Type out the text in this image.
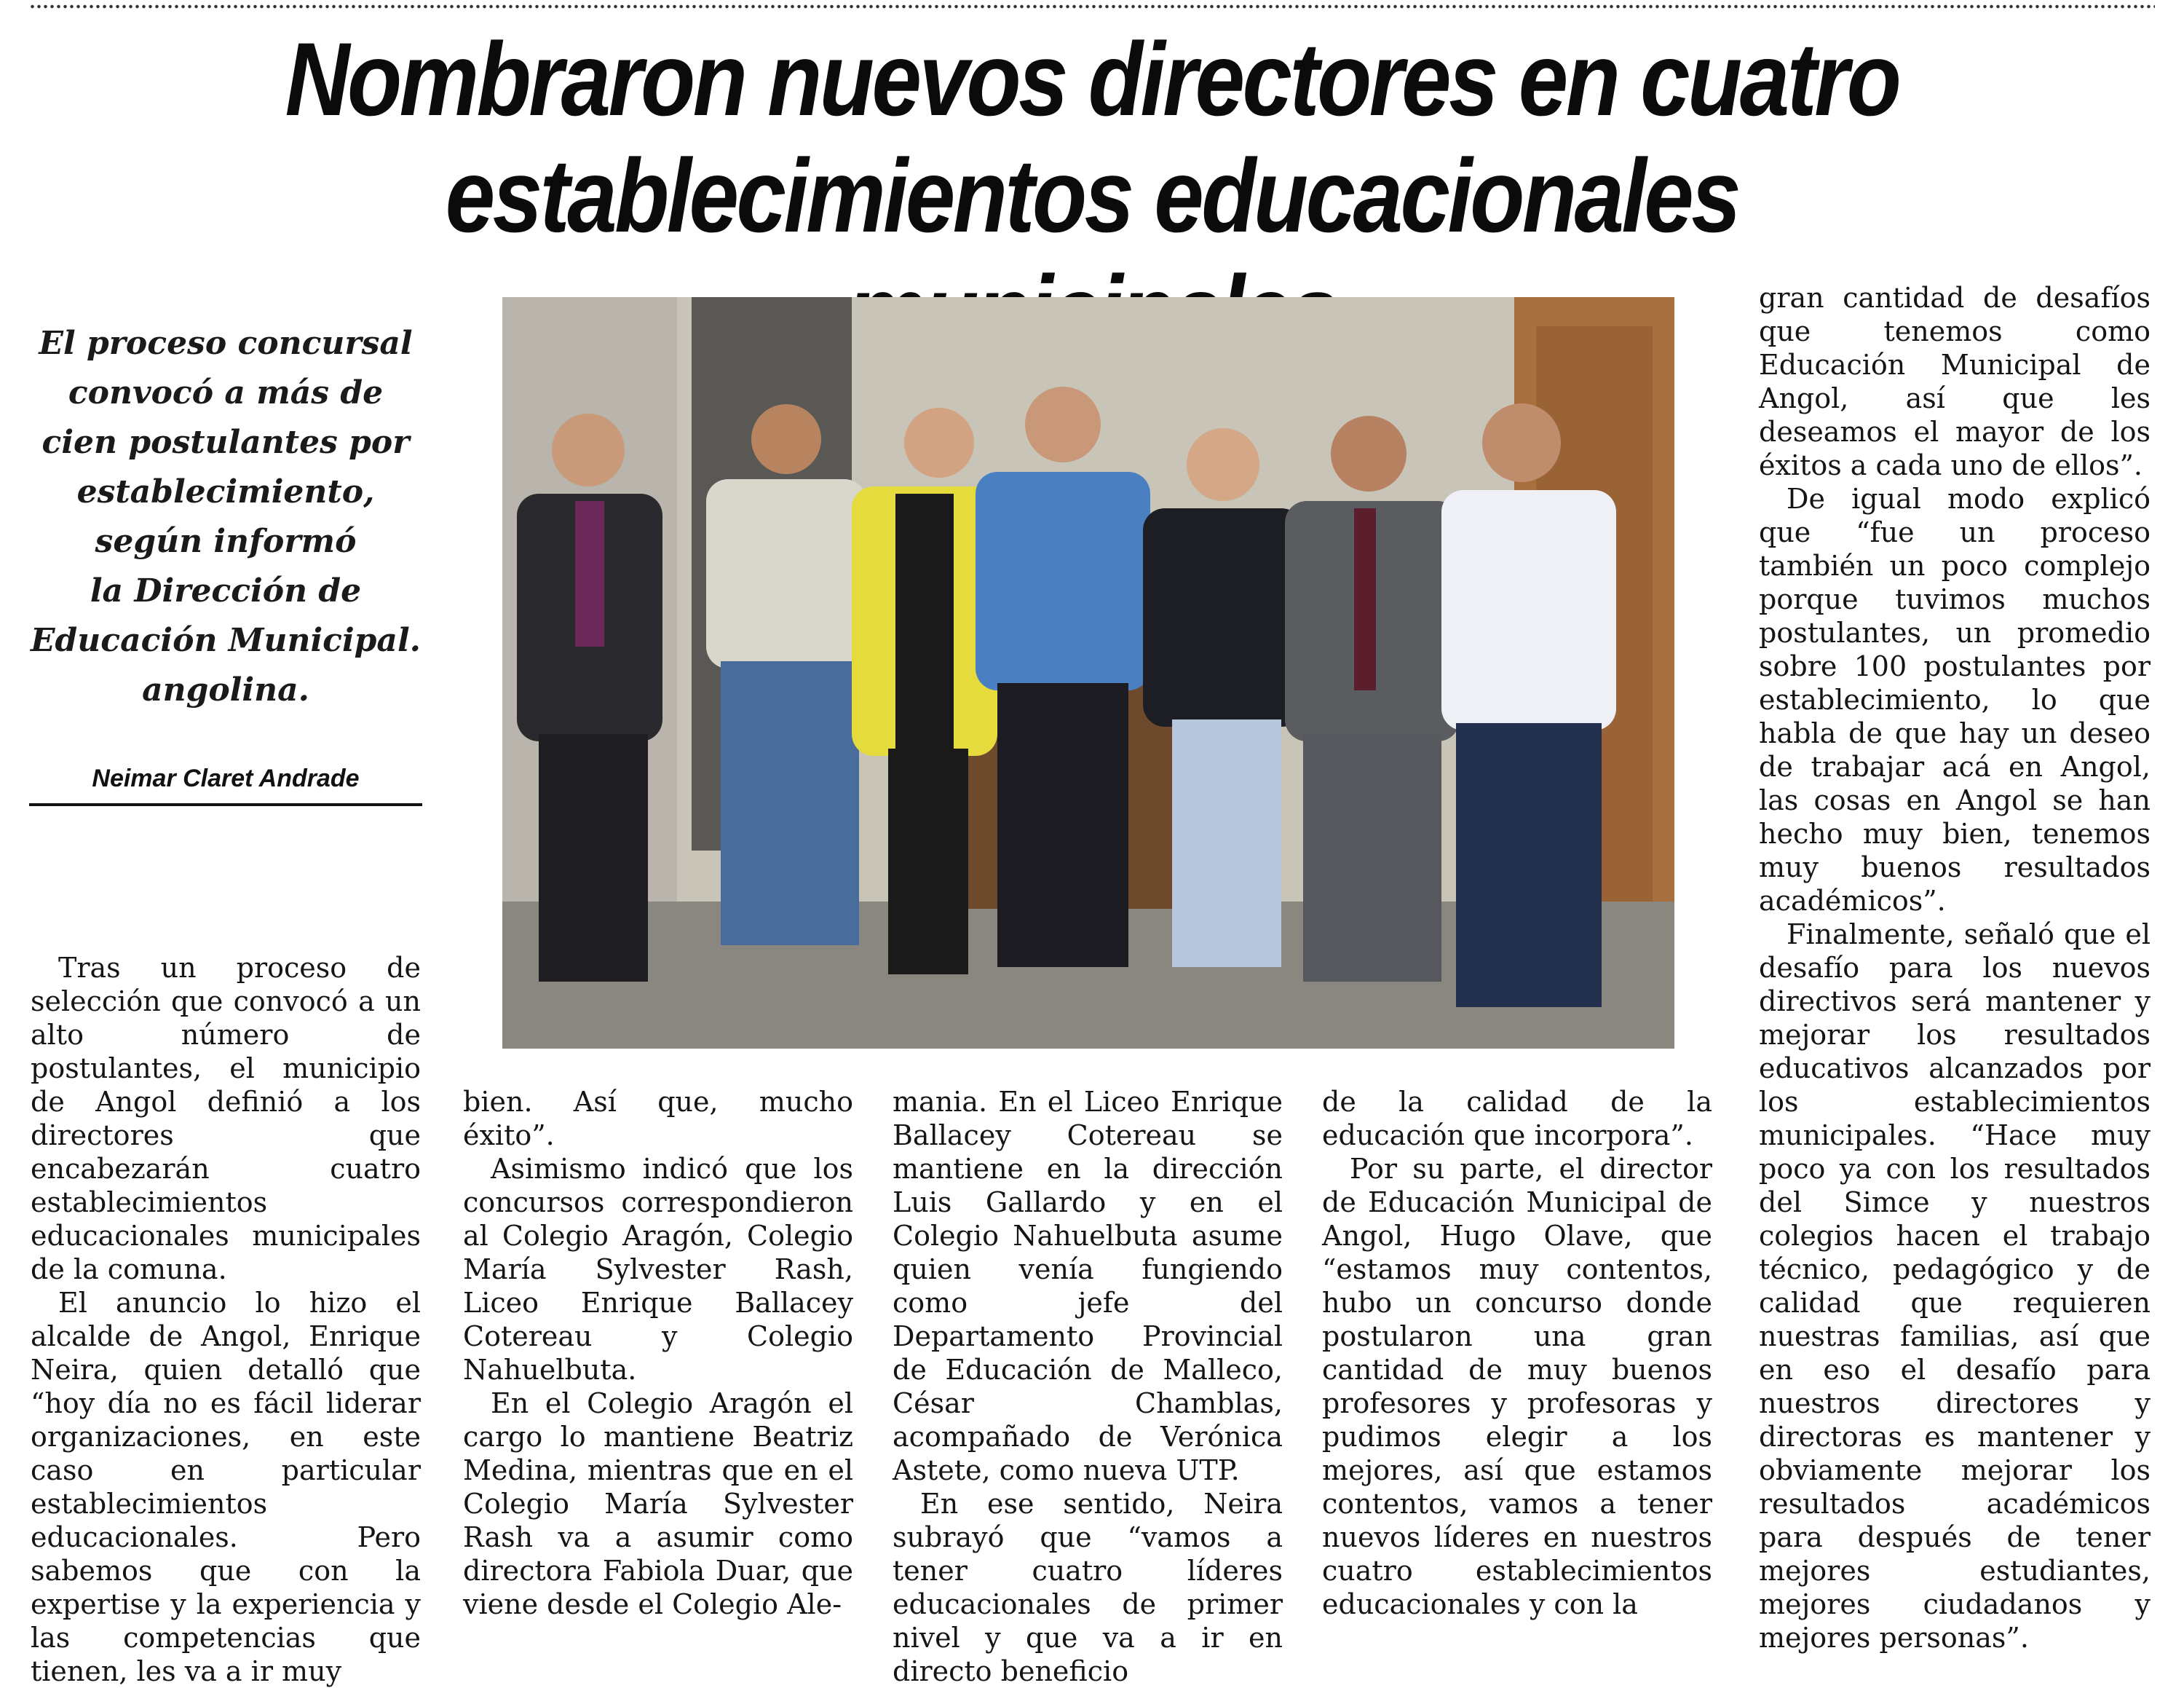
Nombraron nuevos directores en cuatro
establecimientos educacionales
El proceso concursal
convocó a más de
cien postulantes por
establecimiento,
según informó
la Dirección de
Educación Municipal.
angolina.
Neimar Claret Andrade

Tras un proceso de selección que convocó a un alto número de postulantes, el municipio de Angol definió a los directores que encabezarán cuatro establecimientos educacionales municipales de la comuna.

El anuncio lo hizo el alcalde de Angol, Enrique Neira, quien detalló que “hoy día no es fácil liderar organizaciones, en este caso en particular establecimientos educacionales. Pero sabemos que con la expertise y la experiencia y las competencias que tienen, les va a ir muy

bien. Así que, mucho éxito”.

Asimismo indicó que los concursos correspondieron al Colegio Aragón, Colegio María Sylvester Rash, Liceo Enrique Ballacey Cotereau y Colegio Nahuelbuta.

En el Colegio Aragón el cargo lo mantiene Beatriz Medina, mientras que en el Colegio María Sylvester Rash va a asumir como directora Fabiola Duar, que viene desde el Colegio Ale-

mania. En el Liceo Enrique Ballacey Cotereau se mantiene en la dirección Luis Gallardo y en el Colegio Nahuelbuta asume quien venía fungiendo como jefe del Departamento Provincial de Educación de Malleco, César Chamblas, acompañado de Verónica Astete, como nueva UTP.

En ese sentido, Neira subrayó que “vamos a tener cuatro líderes educacionales de primer nivel y que va a ir en directo beneficio

de la calidad de la educación que incorpora”.

Por su parte, el director de Educación Municipal de Angol, Hugo Olave, que “estamos muy contentos, hubo un concurso donde postularon una gran cantidad de muy buenos profesores y profesoras y pudimos elegir a los mejores, así que estamos contentos, vamos a tener nuevos líderes en nuestros cuatro establecimientos educacionales y con la

gran cantidad de desafíos que tenemos como Educación Municipal de Angol, así que les deseamos el mayor de los éxitos a cada uno de ellos”.

De igual modo explicó que “fue un proceso también un poco complejo porque tuvimos muchos postulantes, un promedio sobre 100 postulantes por establecimiento, lo que habla de que hay un deseo de trabajar acá en Angol, las cosas en Angol se han hecho muy bien, tenemos muy buenos resultados académicos”.

Finalmente, señaló que el desafío para los nuevos directivos será mantener y mejorar los resultados educativos alcanzados por los establecimientos municipales. “Hace muy poco ya con los resultados del Simce y nuestros colegios hacen el trabajo técnico, pedagógico y de calidad que requieren nuestras familias, así que en eso el desafío para nuestros directores y directoras es mantener y obviamente mejorar los resultados académicos para después de tener mejores estudiantes, mejores ciudadanos y mejores personas”.
